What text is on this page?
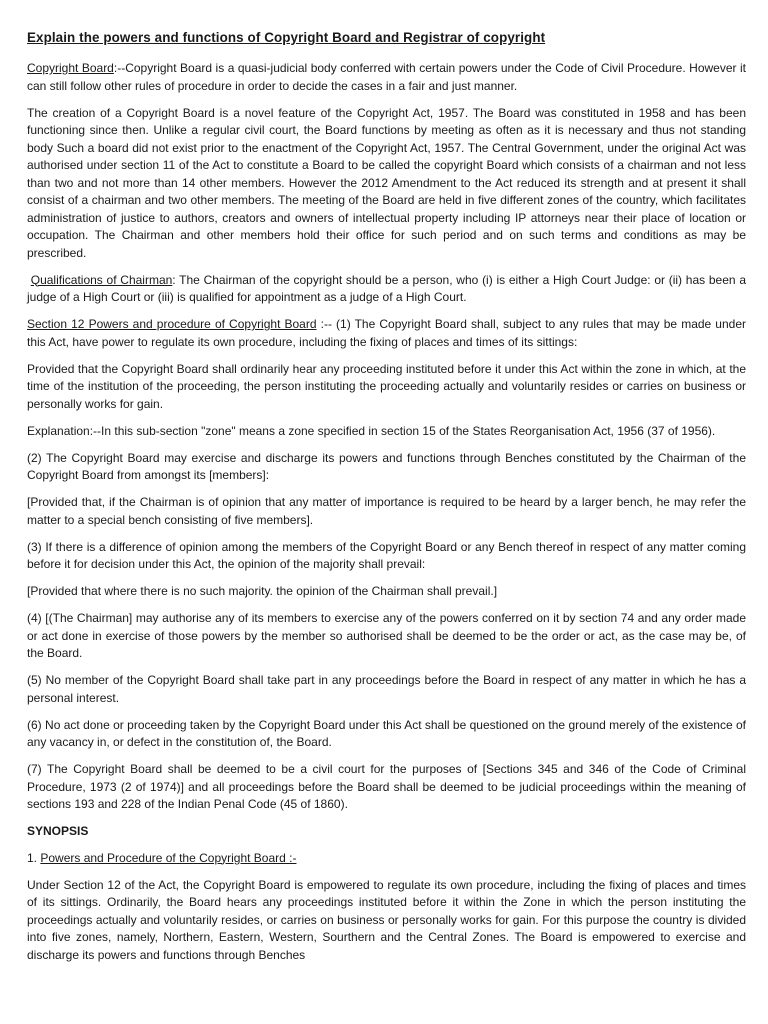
Explain the powers and functions of Copyright Board and Registrar of copyright

Copyright Board:--Copyright Board is a quasi-judicial body conferred with certain powers under the Code of Civil Procedure. However it can still follow other rules of procedure in order to decide the cases in a fair and just manner.

The creation of a Copyright Board is a novel feature of the Copyright Act, 1957. The Board was constituted in 1958 and has been functioning since then. Unlike a regular civil court, the Board functions by meeting as often as it is necessary and thus not standing body Such a board did not exist prior to the enactment of the Copyright Act, 1957. The Central Government, under the original Act was authorised under section 11 of the Act to constitute a Board to be called the copyright Board which consists of a chairman and not less than two and not more than 14 other members. However the 2012 Amendment to the Act reduced its strength and at present it shall consist of a chairman and two other members. The meeting of the Board are held in five different zones of the country, which facilitates administration of justice to authors, creators and owners of intellectual property including IP attorneys near their place of location or occupation. The Chairman and other members hold their office for such period and on such terms and conditions as may be prescribed.

Qualifications of Chairman: The Chairman of the copyright should be a person, who (i) is either a High Court Judge: or (ii) has been a judge of a High Court or (iii) is qualified for appointment as a judge of a High Court.

Section 12 Powers and procedure of Copyright Board :-- (1) The Copyright Board shall, subject to any rules that may be made under this Act, have power to regulate its own procedure, including the fixing of places and times of its sittings:

Provided that the Copyright Board shall ordinarily hear any proceeding instituted before it under this Act within the zone in which, at the time of the institution of the proceeding, the person instituting the proceeding actually and voluntarily resides or carries on business or personally works for gain.

Explanation:--In this sub-section "zone" means a zone specified in section 15 of the States Reorganisation Act, 1956 (37 of 1956).

(2) The Copyright Board may exercise and discharge its powers and functions through Benches constituted by the Chairman of the Copyright Board from amongst its [members]:

[Provided that, if the Chairman is of opinion that any matter of importance is required to be heard by a larger bench, he may refer the matter to a special bench consisting of five members].

(3) If there is a difference of opinion among the members of the Copyright Board or any Bench thereof in respect of any matter coming before it for decision under this Act, the opinion of the majority shall prevail:

[Provided that where there is no such majority. the opinion of the Chairman shall prevail.]

(4) [(The Chairman] may authorise any of its members to exercise any of the powers conferred on it by section 74 and any order made or act done in exercise of those powers by the member so authorised shall be deemed to be the order or act, as the case may be, of the Board.

(5) No member of the Copyright Board shall take part in any proceedings before the Board in respect of any matter in which he has a personal interest.

(6) No act done or proceeding taken by the Copyright Board under this Act shall be questioned on the ground merely of the existence of any vacancy in, or defect in the constitution of, the Board.

(7) The Copyright Board shall be deemed to be a civil court for the purposes of [Sections 345 and 346 of the Code of Criminal Procedure, 1973 (2 of 1974)] and all proceedings before the Board shall be deemed to be judicial proceedings within the meaning of sections 193 and 228 of the Indian Penal Code (45 of 1860).

SYNOPSIS

1. Powers and Procedure of the Copyright Board :-

Under Section 12 of the Act, the Copyright Board is empowered to regulate its own procedure, including the fixing of places and times of its sittings. Ordinarily, the Board hears any proceedings instituted before it within the Zone in which the person instituting the proceedings actually and voluntarily resides, or carries on business or personally works for gain. For this purpose the country is divided into five zones, namely, Northern, Eastern, Western, Sourthern and the Central Zones. The Board is empowered to exercise and discharge its powers and functions through Benches
